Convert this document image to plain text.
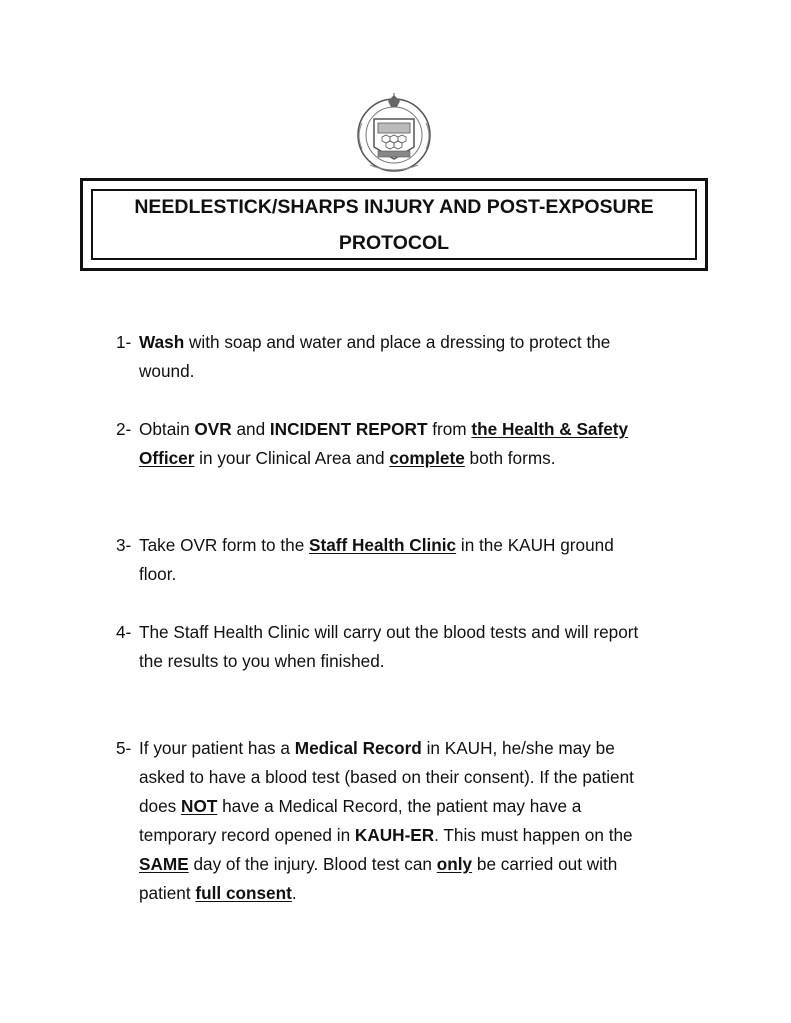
NEEDLESTICK/SHARPS INJURY AND POST-EXPOSURE
PROTOCOL
1- Wash with soap and water and place a dressing to protect the
wound.
2- Obtain OVR and INCIDENT REPORT from the Health & Safety
Officer in your Clinical Area and complete both forms.
3- Take OVR form to the Staff Health Clinic in the KAUH ground
floor.
4- The Staff Health Clinic will carry out the blood tests and will report
the results to you when finished.
5- If your patient has a Medical Record in KAUH, he/she may be
asked to have a blood test (based on their consent). If the patient
does NOT have a Medical Record, the patient may have a
temporary record opened in KAUH-ER. This must happen on the
SAME day of the injury. Blood test can only be carried out with
patient full consent.
